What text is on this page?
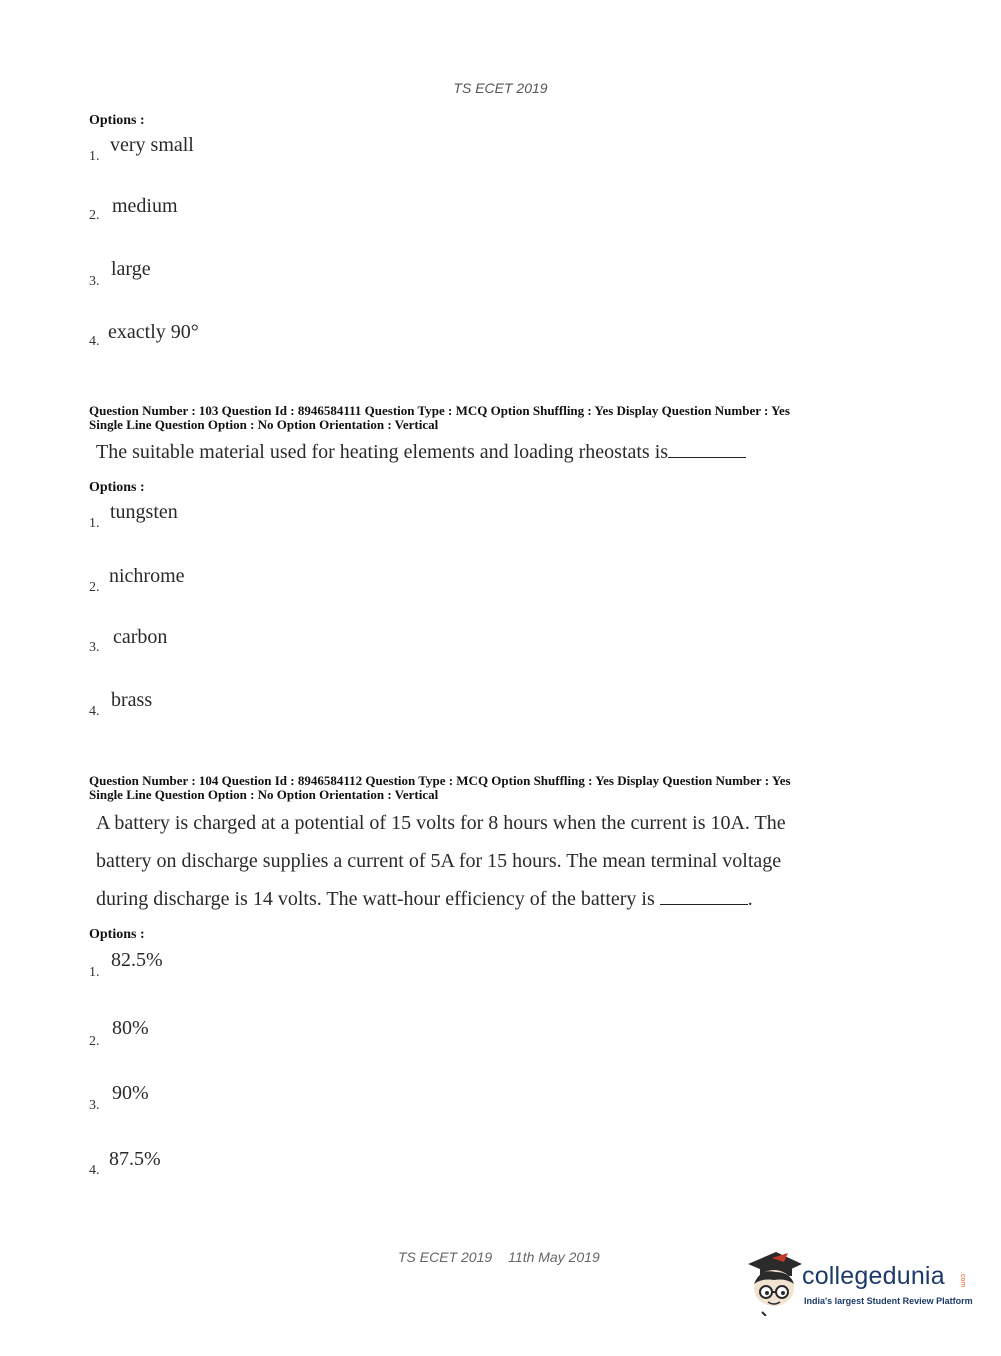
TS ECET 2019
Options :
1.
very small
2. medium
3.
large
4. exactly 90°
Question Number : 103 Question Id : 8946584111 Question Type : MCQ Option Shuffling : Yes Display Question Number : Yes
Single Line Question Option : No Option Orientation : Vertical
The suitable material used for heating elements and loading rheostats is
Options :
1.
tungsten
2.
nichrome
3. carbon
4.
brass
Question Number : 104 Question Id : 8946584112 Question Type : MCQ Option Shuffling : Yes Display Question Number : Yes
Single Line Question Option : No Option Orientation : Vertical
A battery is charged at a potential of 15 volts for 8 hours when the current is 10A. The
battery on discharge supplies a current of 5A for 15 hours. The mean terminal voltage
during discharge is 14 volts. The watt-hour efficiency of the battery is	.
Options :
1.
82.5%
2.
80%
3.
90%
4.
87.5%
TS ECET 2019 11th May 2019
collegedunia .com
India's largest Student Review Platform
